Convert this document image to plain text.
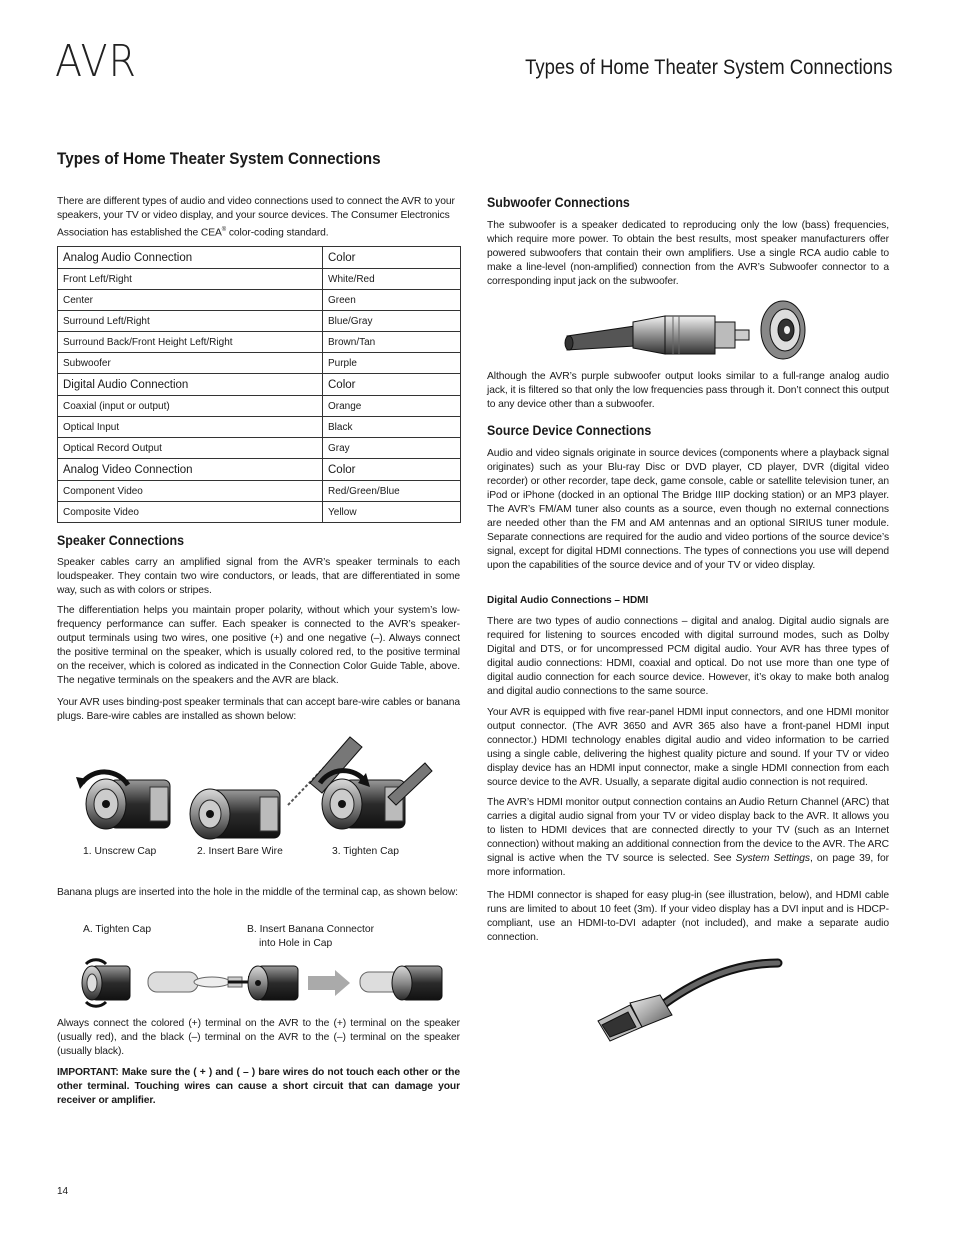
AVR	Types of Home Theater System Connections
Types of Home Theater System Connections

There are different types of audio and video connections used to connect the AVR to your speakers, your TV or video display, and your source devices. The Consumer Electronics Association has established the CEA® color-coding standard.

Analog Audio Connection	Color
Front Left/Right	White/Red
Center	Green
Surround Left/Right	Blue/Gray
Surround Back/Front Height Left/Right	Brown/Tan
Subwoofer	Purple
Digital Audio Connection	Color
Coaxial (input or output)	Orange
Optical Input	Black
Optical Record Output	Gray
Analog Video Connection	Color
Component Video	Red/Green/Blue
Composite Video	Yellow
Speaker Connections

Speaker cables carry an amplified signal from the AVR’s speaker terminals to each loudspeaker. They contain two wire conductors, or leads, that are differentiated in some way, such as with colors or stripes.

The differentiation helps you maintain proper polarity, without which your system’s low-frequency performance can suffer. Each speaker is connected to the AVR’s speaker-output terminals using two wires, one positive (+) and one negative (–). Always connect the positive terminal on the speaker, which is usually colored red, to the positive terminal on the receiver, which is colored as indicated in the Connection Color Guide Table, above. The negative terminals on the speakers and the AVR are black.

Your AVR uses binding-post speaker terminals that can accept bare-wire cables or banana plugs. Bare-wire cables are installed as shown below:

1. Unscrew Cap	2. Insert Bare Wire	3. Tighten Cap

Banana plugs are inserted into the hole in the middle of the terminal cap, as shown below:

A. Tighten Cap	B. Insert Banana Connector
into Hole in Cap

Always connect the colored (+) terminal on the AVR to the (+) terminal on the speaker (usually red), and the black (–) terminal on the AVR to the (–) terminal on the speaker (usually black).

IMPORTANT: Make sure the ( + ) and ( – ) bare wires do not touch each other or the other terminal. Touching wires can cause a short circuit that can damage your receiver or amplifier.

Subwoofer Connections

The subwoofer is a speaker dedicated to reproducing only the low (bass) frequencies, which require more power. To obtain the best results, most speaker manufacturers offer powered subwoofers that contain their own amplifiers. Use a single RCA audio cable to make a line-level (non-amplified) connection from the AVR’s Subwoofer connector to a corresponding input jack on the subwoofer.

Although the AVR’s purple subwoofer output looks similar to a full-range analog audio jack, it is filtered so that only the low frequencies pass through it. Don’t connect this output to any device other than a subwoofer.

Source Device Connections

Audio and video signals originate in source devices (components where a playback signal originates) such as your Blu-ray Disc or DVD player, CD player, DVR (digital video recorder) or other recorder, tape deck, game console, cable or satellite television tuner, an iPod or iPhone (docked in an optional The Bridge IIIP docking station) or an MP3 player. The AVR’s FM/AM tuner also counts as a source, even though no external connections are needed other than the FM and AM antennas and an optional SIRIUS tuner module. Separate connections are required for the audio and video portions of the source device’s signal, except for digital HDMI connections. The types of connections you use will depend upon the capabilities of the source device and of your TV or video display.

Digital Audio Connections – HDMI

There are two types of audio connections – digital and analog. Digital audio signals are required for listening to sources encoded with digital surround modes, such as Dolby Digital and DTS, or for uncompressed PCM digital audio. Your AVR has three types of digital audio connections: HDMI, coaxial and optical. Do not use more than one type of digital audio connection for each source device. However, it’s okay to make both analog and digital audio connections to the same source.

Your AVR is equipped with five rear-panel HDMI input connectors, and one HDMI monitor output connector. (The AVR 3650 and AVR 365 also have a front-panel HDMI input connector.) HDMI technology enables digital audio and video information to be carried using a single cable, delivering the highest quality picture and sound. If your TV or video display device has an HDMI input connector, make a single HDMI connection from each source device to the AVR. Usually, a separate digital audio connection is not required.

The AVR’s HDMI monitor output connection contains an Audio Return Channel (ARC) that carries a digital audio signal from your TV or video display back to the AVR. It allows you to listen to HDMI devices that are connected directly to your TV (such as an Internet connection) without making an additional connection from the device to the AVR. The ARC signal is active when the TV source is selected. See System Settings, on page 39, for more information.

The HDMI connector is shaped for easy plug-in (see illustration, below), and HDMI cable runs are limited to about 10 feet (3m). If your video display has a DVI input and is HDCP-compliant, use an HDMI-to-DVI adapter (not included), and make a separate audio connection.

14
